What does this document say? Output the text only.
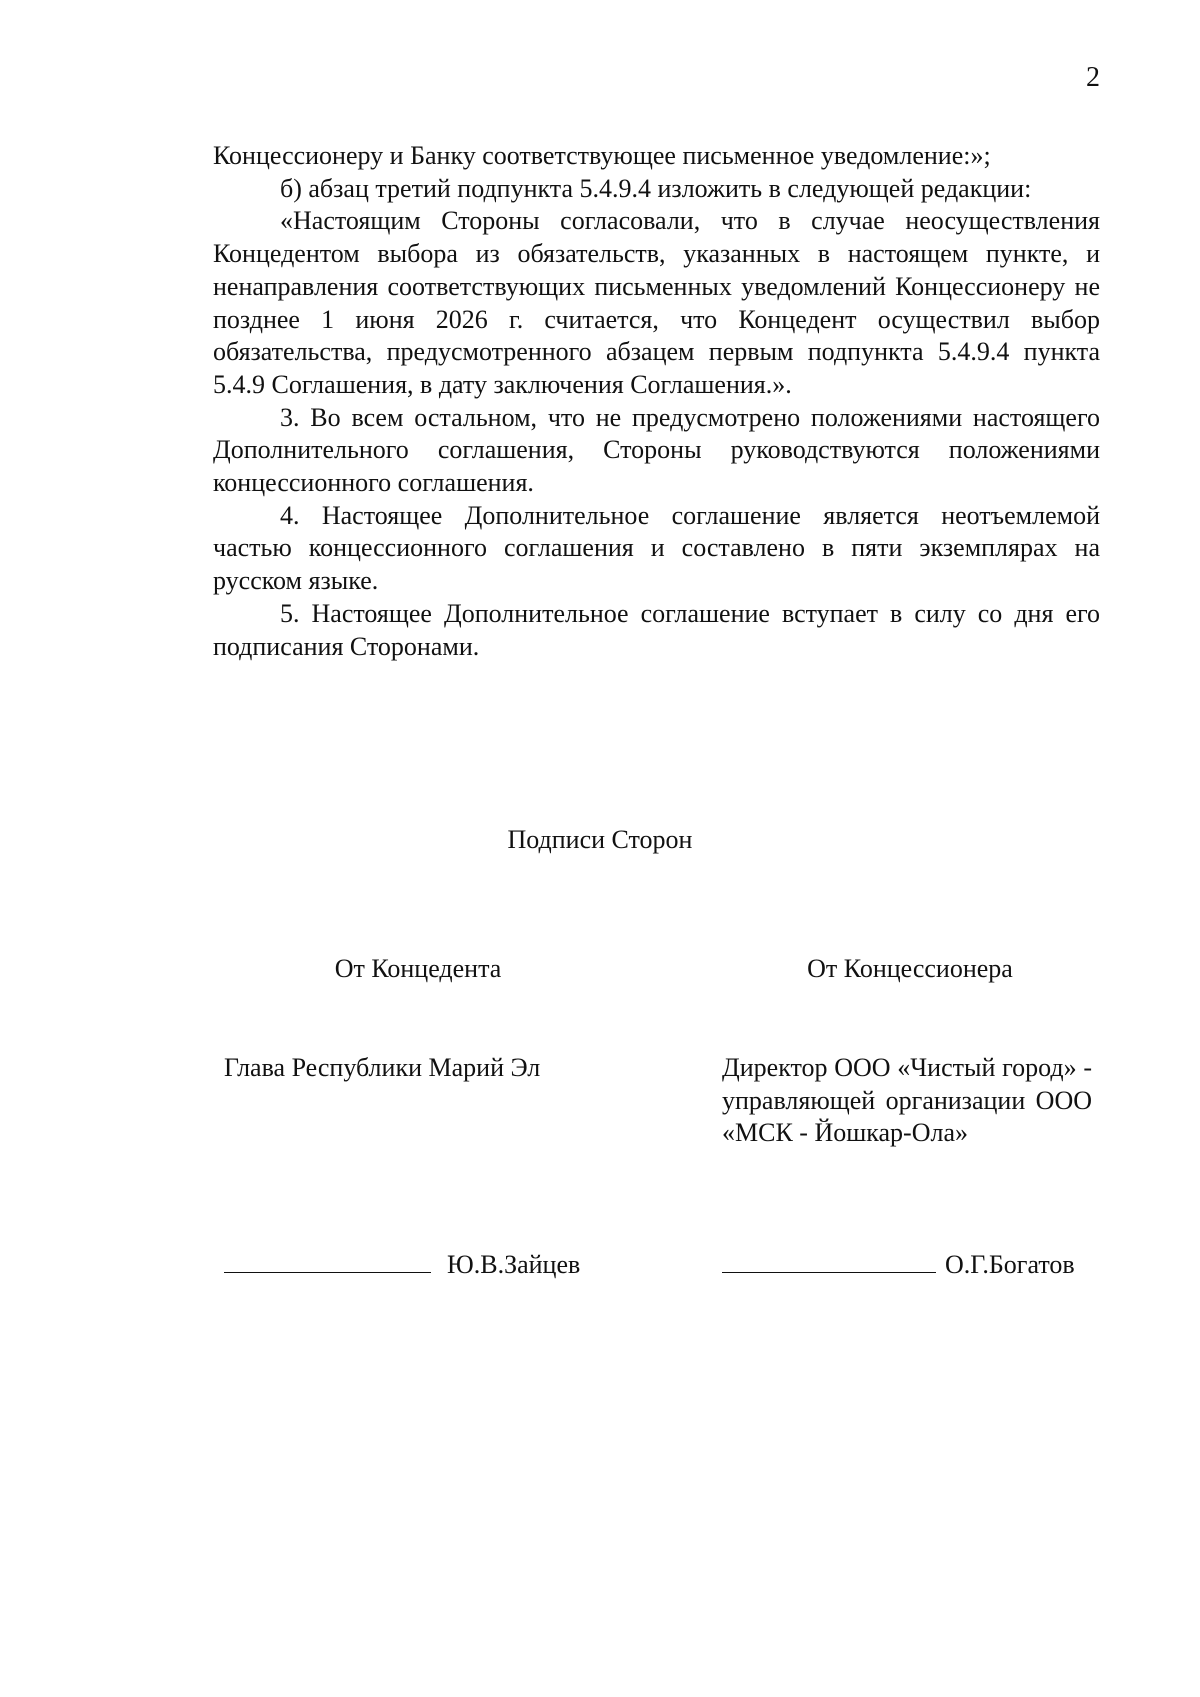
2

Концессионеру и Банку соответствующее письменное уведомление:»;

б) абзац третий подпункта 5.4.9.4 изложить в следующей редакции:

«Настоящим Стороны согласовали, что в случае неосуществления Концедентом выбора из обязательств, указанных в настоящем пункте, и ненаправления соответствующих письменных уведомлений Концессионеру не позднее 1 июня 2026 г. считается, что Концедент осуществил выбор обязательства, предусмотренного абзацем первым подпункта 5.4.9.4 пункта 5.4.9 Соглашения, в дату заключения Соглашения.».

3. Во всем остальном, что не предусмотрено положениями настоящего Дополнительного соглашения, Стороны руководствуются положениями концессионного соглашения.

4. Настоящее Дополнительное соглашение является неотъемлемой частью концессионного соглашения и составлено в пяти экземплярах на русском языке.

5. Настоящее Дополнительное соглашение вступает в силу со дня его подписания Сторонами.

Подписи Сторон
От Концедента	От Концессионера
Глава Республики Марий Эл	Директор ООО «Чистый город» - управляющей организации ООО «МСК - Йошкар-Ола»
Ю.В.Зайцев	О.Г.Богатов
